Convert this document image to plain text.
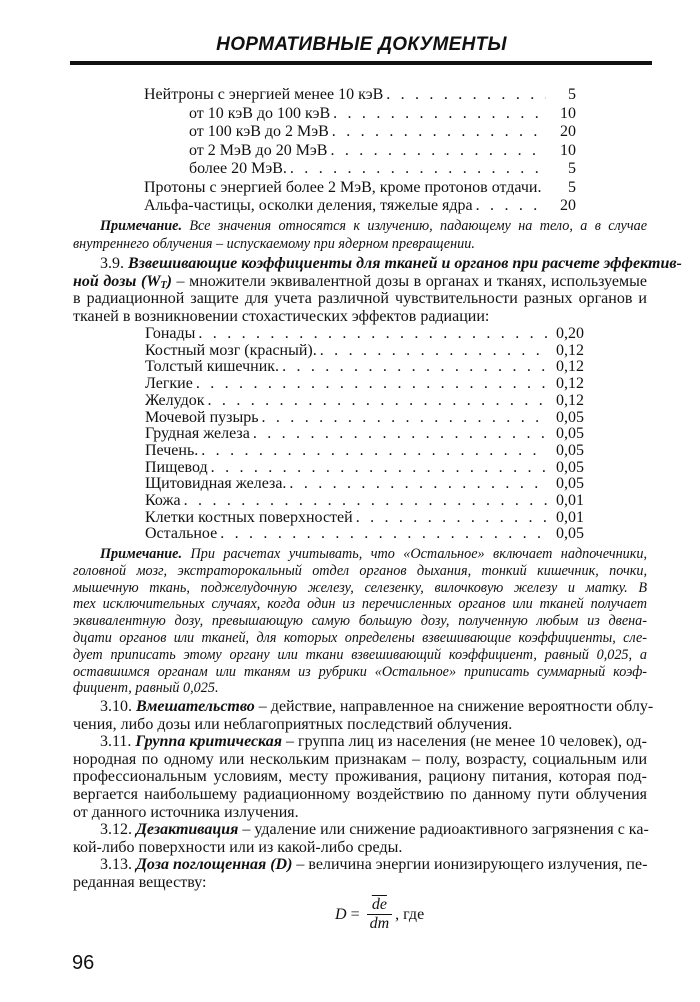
НОРМАТИВНЫЕ ДОКУМЕНТЫ
Нейтроны с энергией менее 10 кэВ . . .	5
от 10 кэВ до 100 кэВ . . .	10
от 100 кэВ до 2 МэВ . . .	20
от 2 МэВ до 20 МэВ . . .	10
более 20 МэВ. . . .	5
Протоны с энергией более 2 МэВ, кроме протонов отдачи.	5
Альфа-частицы, осколки деления, тяжелые ядра . . .	20
Гонады . . .	0,20
Костный мозг (красный). . . .	0,12
Толстый кишечник. . . .	0,12
Легкие . . .	0,12
Желудок . . .	0,12
Мочевой пузырь . . .	0,05
Грудная железа . . .	0,05
Печень. . . .	0,05
Пищевод . . .	0,05
Щитовидная железа. . . .	0,05
Кожа . . .	0,01
Клетки костных поверхностей . . .	0,01
Остальное . . .	0,05
Примечание. Все значения относятся к излучению, падающему на тело, а в случае
внутреннего облучения – испускаемому при ядерном превращении.
3.9. Взвешивающие коэффициенты для тканей и органов при расчете эффектив-
ной дозы $(W_T)$ – множители эквивалентной дозы в органах и тканях, используемые
в радиационной защите для учета различной чувствительности разных органов и
тканей в возникновении стохастических эффектов радиации:
Примечание. При расчетах учитывать, что «Остальное» включает надпочечники,
головной мозг, экстраторокальный отдел органов дыхания, тонкий кишечник, почки,
мышечную ткань, поджелудочную железу, селезенку, вилочковую железу и матку. В
тех исключительных случаях, когда один из перечисленных органов или тканей получает
эквивалентную дозу, превышающую самую большую дозу, полученную любым из двена-
дцати органов или тканей, для которых определены взвешивающие коэффициенты, сле-
дует приписать этому органу или ткани взвешивающий коэффициент, равный 0,025, а
оставшимся органам или тканям из рубрики «Остальное» приписать суммарный коэф-
фициент, равный 0,025.
3.10. Вмешательство – действие, направленное на снижение вероятности облу-
чения, либо дозы или неблагоприятных последствий облучения.
3.11. Группа критическая – группа лиц из населения (не менее 10 человек), од-
нородная по одному или нескольким признакам – полу, возрасту, социальным или
профессиональным условиям, месту проживания, рациону питания, которая под-
вергается наибольшему радиационному воздействию по данному пути облучения
от данного источника излучения.
3.12. Дезактивация – удаление или снижение радиоактивного загрязнения с ка-
кой-либо поверхности или из какой-либо среды.
3.13. Доза поглощенная (D) – величина энергии ионизирующего излучения, пе-
реданная веществу:
$D = \frac{\overline{de}}{dm}$ , где
96
